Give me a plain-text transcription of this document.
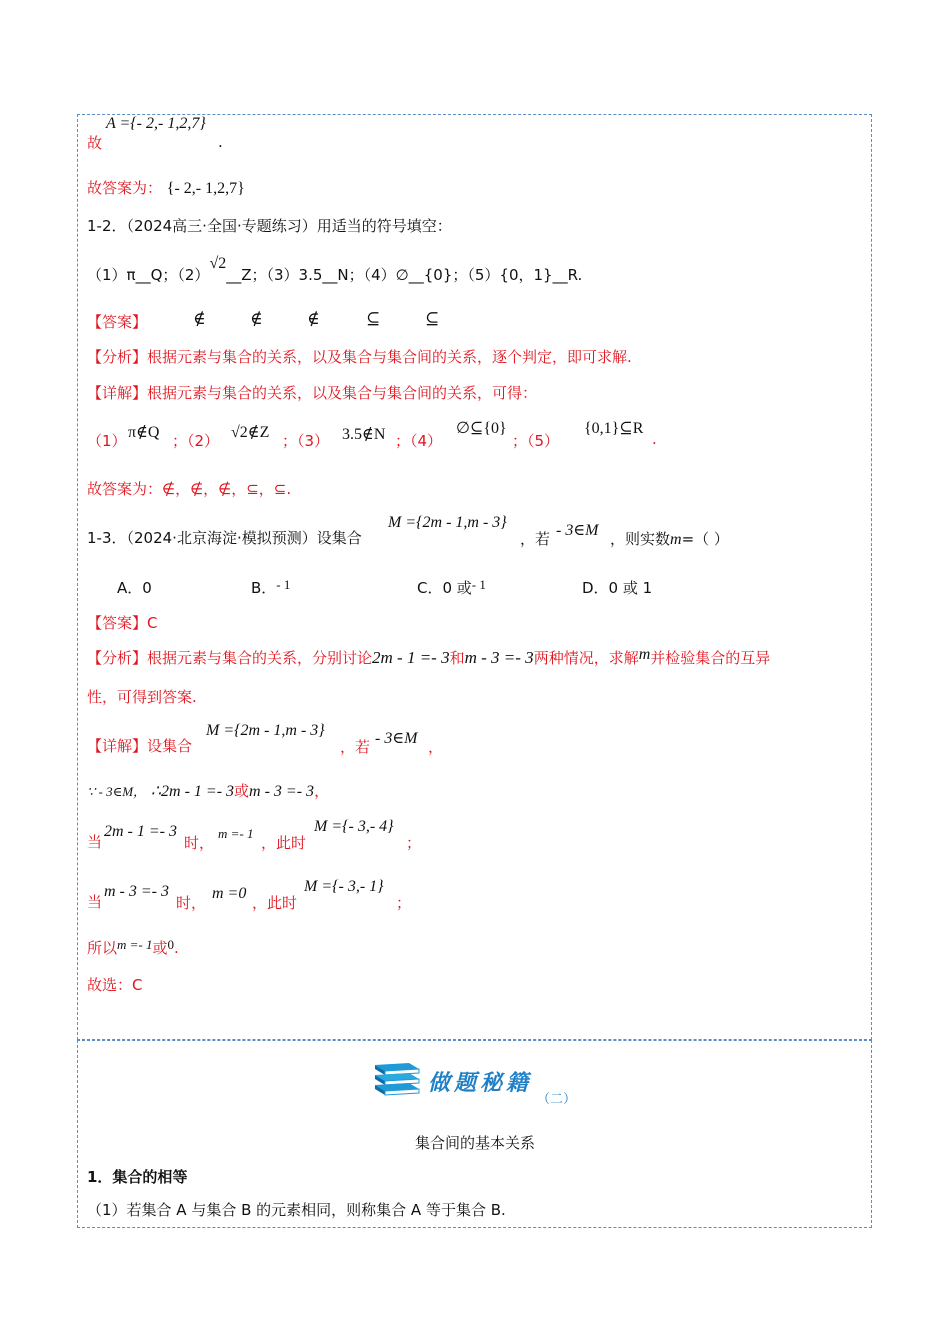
A ={- 2,- 1,2,7}
故	.
故答案为： {- 2,- 1,2,7}
1-2．（2024高三·全国·专题练习）用适当的符号填空：
（1）π__Q；（2）√2__Z；（3）3.5__N；（4）∅__{0}；（5）{0，1}__R.
【答案】	∉	∉	∉	⊆	⊆
【分析】根据元素与集合的关系，以及集合与集合间的关系，逐个判定，即可求解.
【详解】根据元素与集合的关系，以及集合与集合间的关系，可得：
（1） π∉Q ；（2） √2∉Z ；（3） 3.5∉N ；（4）
∅⊆{0}
；（5）
{0,1}⊆R
.
故答案为：∉，∉，∉，⊆，⊆.
1-3．（2024·北京海淀·模拟预测）设集合
M ={2m - 1,m - 3}
，若 - 3∈M ，则实数m=（ ）
A．0	B．- 1	C．0 或- 1	D．0 或 1
【答案】C
【分析】根据元素与集合的关系，分别讨论2m - 1 =- 3和m - 3 =- 3两种情况，求解m并检验集合的互异
性，可得到答案.
【详解】设集合
M ={2m - 1,m - 3}
，若 - 3∈M ，
∵ - 3∈M， ∴2m - 1 =- 3或m - 3 =- 3，
当
2m - 1 =- 3
时，
m =- 1
，此时
M ={- 3,- 4}
；
当
m - 3 =- 3
时，
m =0
，此时
M ={- 3,- 1}
；
所以m =- 1或0.
故选：C
做题秘籍
（二）
集合间的基本关系
1．集合的相等
（1）若集合 A 与集合 B 的元素相同，则称集合 A 等于集合 B.
